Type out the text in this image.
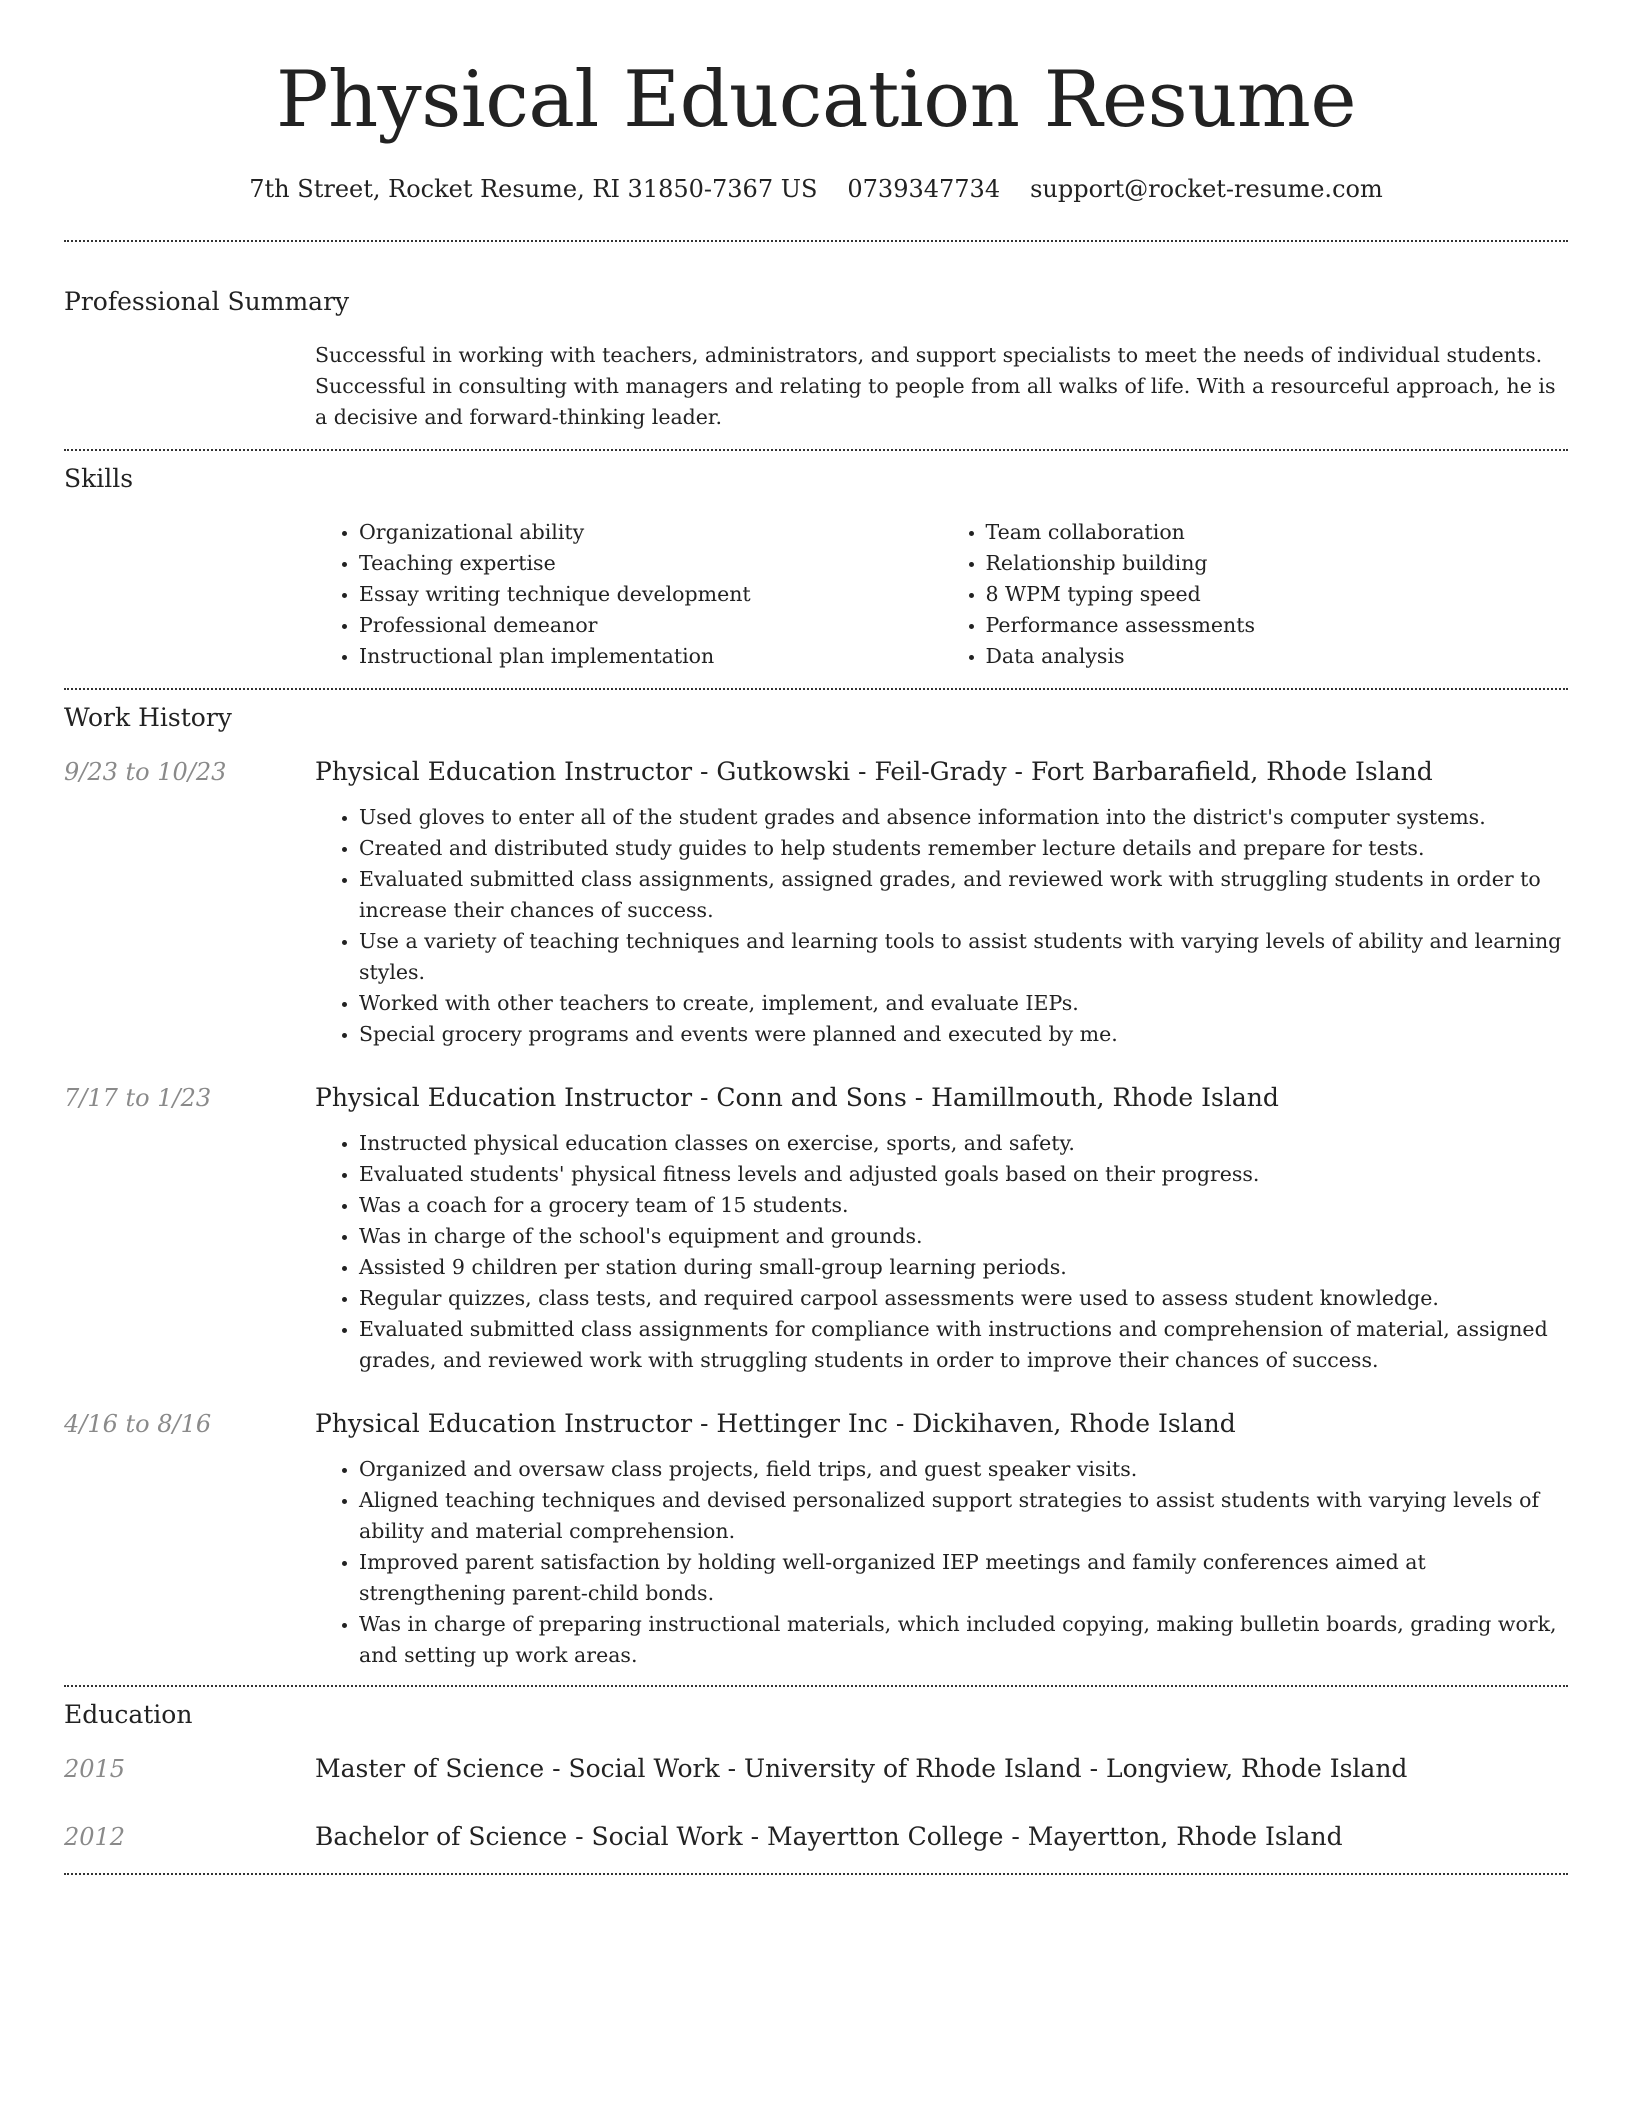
Physical Education Resume
7th Street, Rocket Resume, RI 31850-7367 US 0739347734 support@rocket-resume.com
Professional Summary
Successful in working with teachers, administrators, and support specialists to meet the needs of individual students. Successful in consulting with managers and relating to people from all walks of life. With a resourceful approach, he is a decisive and forward-thinking leader.
Skills
• Organizational ability
• Teaching expertise
• Essay writing technique development
• Professional demeanor
• Instructional plan implementation
• Team collaboration
• Relationship building
• 8 WPM typing speed
• Performance assessments
• Data analysis
Work History
9/23 to 10/23	Physical Education Instructor - Gutkowski - Feil-Grady - Fort Barbarafield, Rhode Island
• Used gloves to enter all of the student grades and absence information into the district's computer systems.
• Created and distributed study guides to help students remember lecture details and prepare for tests.
• Evaluated submitted class assignments, assigned grades, and reviewed work with struggling students in order to increase their chances of success.
• Use a variety of teaching techniques and learning tools to assist students with varying levels of ability and learning styles.
• Worked with other teachers to create, implement, and evaluate IEPs.
• Special grocery programs and events were planned and executed by me.
7/17 to 1/23	Physical Education Instructor - Conn and Sons - Hamillmouth, Rhode Island
• Instructed physical education classes on exercise, sports, and safety.
• Evaluated students' physical fitness levels and adjusted goals based on their progress.
• Was a coach for a grocery team of 15 students.
• Was in charge of the school's equipment and grounds.
• Assisted 9 children per station during small-group learning periods.
• Regular quizzes, class tests, and required carpool assessments were used to assess student knowledge.
• Evaluated submitted class assignments for compliance with instructions and comprehension of material, assigned grades, and reviewed work with struggling students in order to improve their chances of success.
4/16 to 8/16	Physical Education Instructor - Hettinger Inc - Dickihaven, Rhode Island
• Organized and oversaw class projects, field trips, and guest speaker visits.
• Aligned teaching techniques and devised personalized support strategies to assist students with varying levels of ability and material comprehension.
• Improved parent satisfaction by holding well-organized IEP meetings and family conferences aimed at strengthening parent-child bonds.
• Was in charge of preparing instructional materials, which included copying, making bulletin boards, grading work, and setting up work areas.
Education
2015	Master of Science - Social Work - University of Rhode Island - Longview, Rhode Island
2012	Bachelor of Science - Social Work - Mayertton College - Mayertton, Rhode Island
